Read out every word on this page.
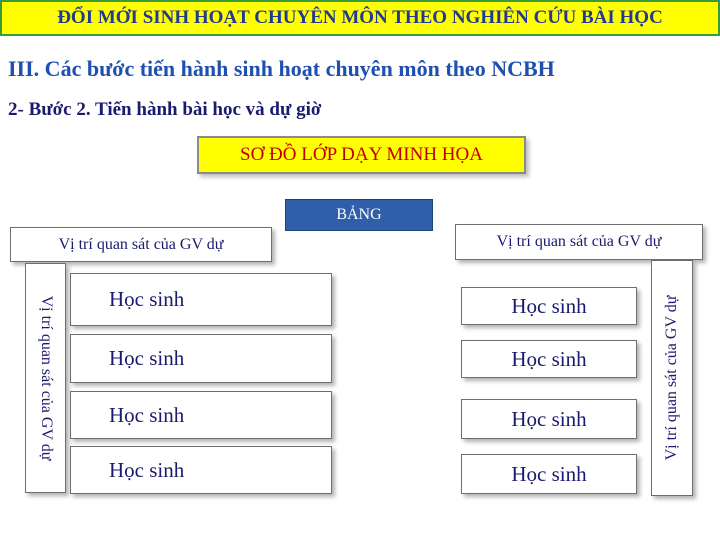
ĐỔI MỚI SINH HOẠT CHUYÊN MÔN THEO NGHIÊN CỨU BÀI HỌC
III. Các bước tiến hành sinh hoạt chuyên môn theo NCBH
2- Bước 2. Tiến hành bài học và dự giờ
SƠ ĐỒ LỚP DẠY MINH HỌA
BẢNG
Vị trí quan sát của GV dự	Vị trí quan sát của GV dự
Vị trí quan sát của GV dự	Vị trí quan sát của GV dự
Học sinh
Học sinh
Học sinh
Học sinh
Học sinh
Học sinh
Học sinh
Học sinh
